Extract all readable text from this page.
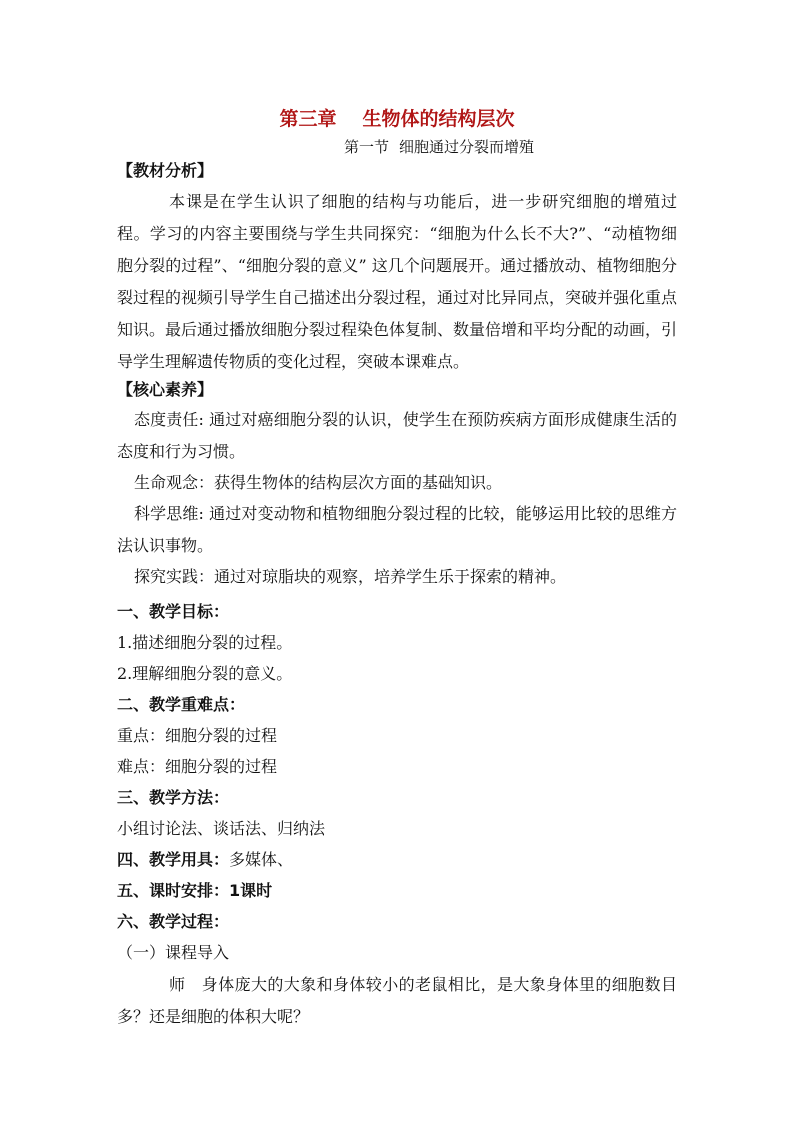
第三章 生物体的结构层次
第一节 细胞通过分裂而增殖
【教材分析】
本课是在学生认识了细胞的结构与功能后，进一步研究细胞的增殖过程。学习的内容主要围绕与学生共同探究：“细胞为什么长不大?”、“动植物细胞分裂的过程”、“细胞分裂的意义” 这几个问题展开。通过播放动、植物细胞分裂过程的视频引导学生自己描述出分裂过程，通过对比异同点，突破并强化重点知识。最后通过播放细胞分裂过程染色体复制、数量倍增和平均分配的动画，引导学生理解遗传物质的变化过程，突破本课难点。
【核心素养】
态度责任: 通过对癌细胞分裂的认识，使学生在预防疾病方面形成健康生活的态度和行为习惯。
生命观念：获得生物体的结构层次方面的基础知识。
科学思维: 通过对变动物和植物细胞分裂过程的比较，能够运用比较的思维方法认识事物。
探究实践：通过对琼脂块的观察，培养学生乐于探索的精神。
一、教学目标：
1.描述细胞分裂的过程。
2.理解细胞分裂的意义。
二、教学重难点：
重点：细胞分裂的过程
难点：细胞分裂的过程
三、教学方法：
小组讨论法、谈话法、归纳法
四、教学用具：多媒体、
五、课时安排：1课时
六、教学过程：
（一）课程导入
师　身体庞大的大象和身体较小的老鼠相比，是大象身体里的细胞数目多？还是细胞的体积大呢？
